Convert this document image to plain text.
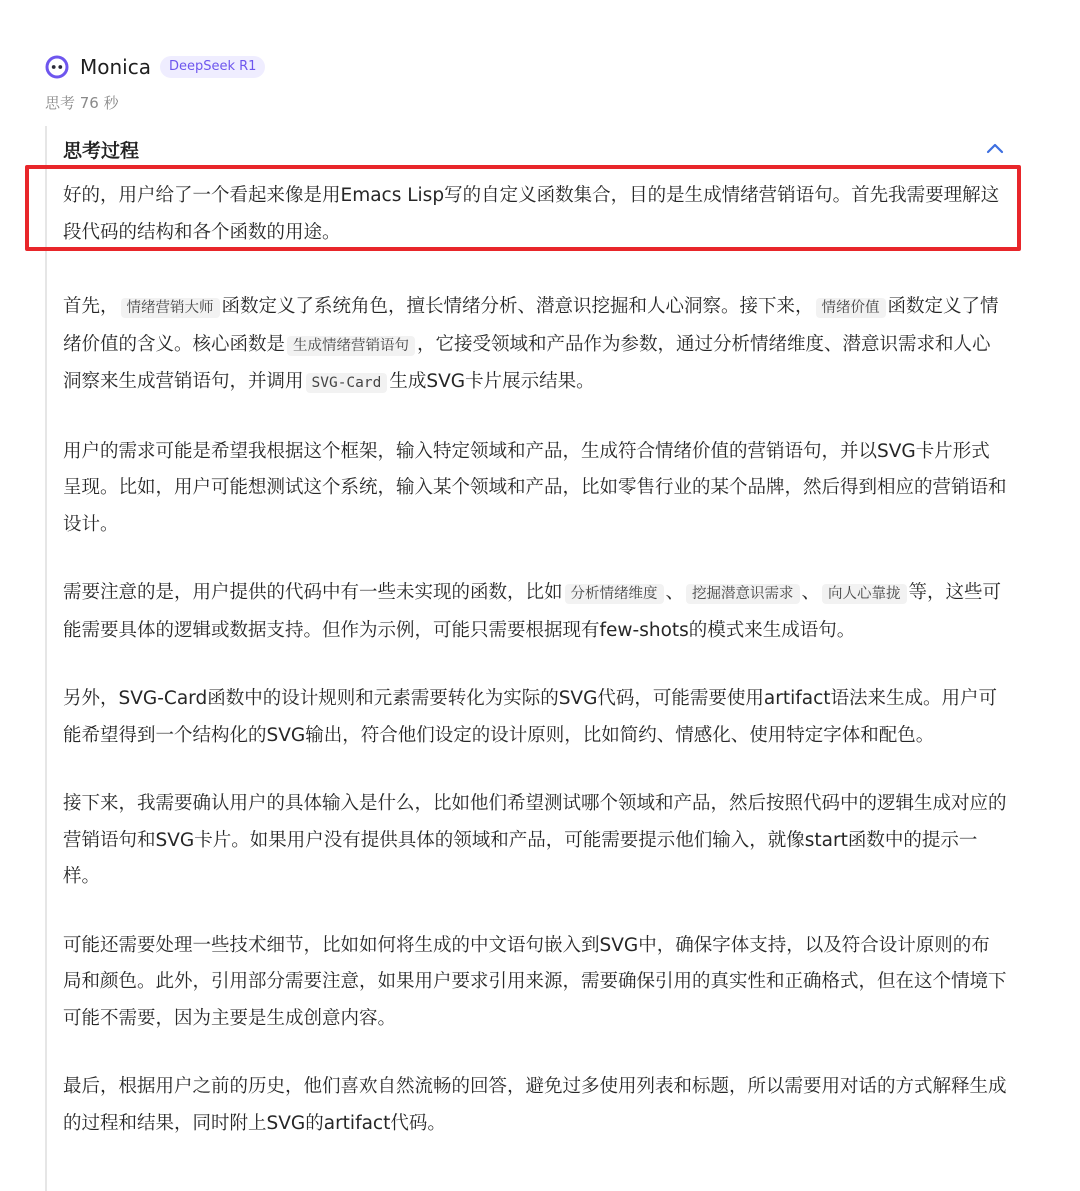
Monica	DeepSeek R1
思考 76 秒
思考过程

好的，用户给了一个看起来像是用Emacs Lisp写的自定义函数集合，目的是生成情绪营销语句。首先我需要理解这段代码的结构和各个函数的用途。

首先， 情绪营销大师 函数定义了系统角色，擅长情绪分析、潜意识挖掘和人心洞察。接下来， 情绪价值 函数定义了情绪价值的含义。核心函数是 生成情绪营销语句 ，它接受领域和产品作为参数，通过分析情绪维度、潜意识需求和人心洞察来生成营销语句，并调用 SVG-Card 生成SVG卡片展示结果。

用户的需求可能是希望我根据这个框架，输入特定领域和产品，生成符合情绪价值的营销语句，并以SVG卡片形式呈现。比如，用户可能想测试这个系统，输入某个领域和产品，比如零售行业的某个品牌，然后得到相应的营销语和设计。

需要注意的是，用户提供的代码中有一些未实现的函数，比如 分析情绪维度 、 挖掘潜意识需求 、 向人心靠拢 等，这些可能需要具体的逻辑或数据支持。但作为示例，可能只需要根据现有few-shots的模式来生成语句。

另外，SVG-Card函数中的设计规则和元素需要转化为实际的SVG代码，可能需要使用artifact语法来生成。用户可能希望得到一个结构化的SVG输出，符合他们设定的设计原则，比如简约、情感化、使用特定字体和配色。

接下来，我需要确认用户的具体输入是什么，比如他们希望测试哪个领域和产品，然后按照代码中的逻辑生成对应的营销语句和SVG卡片。如果用户没有提供具体的领域和产品，可能需要提示他们输入，就像start函数中的提示一样。

可能还需要处理一些技术细节，比如如何将生成的中文语句嵌入到SVG中，确保字体支持，以及符合设计原则的布局和颜色。此外，引用部分需要注意，如果用户要求引用来源，需要确保引用的真实性和正确格式，但在这个情境下可能不需要，因为主要是生成创意内容。

最后，根据用户之前的历史，他们喜欢自然流畅的回答，避免过多使用列表和标题，所以需要用对话的方式解释生成的过程和结果，同时附上SVG的artifact代码。
